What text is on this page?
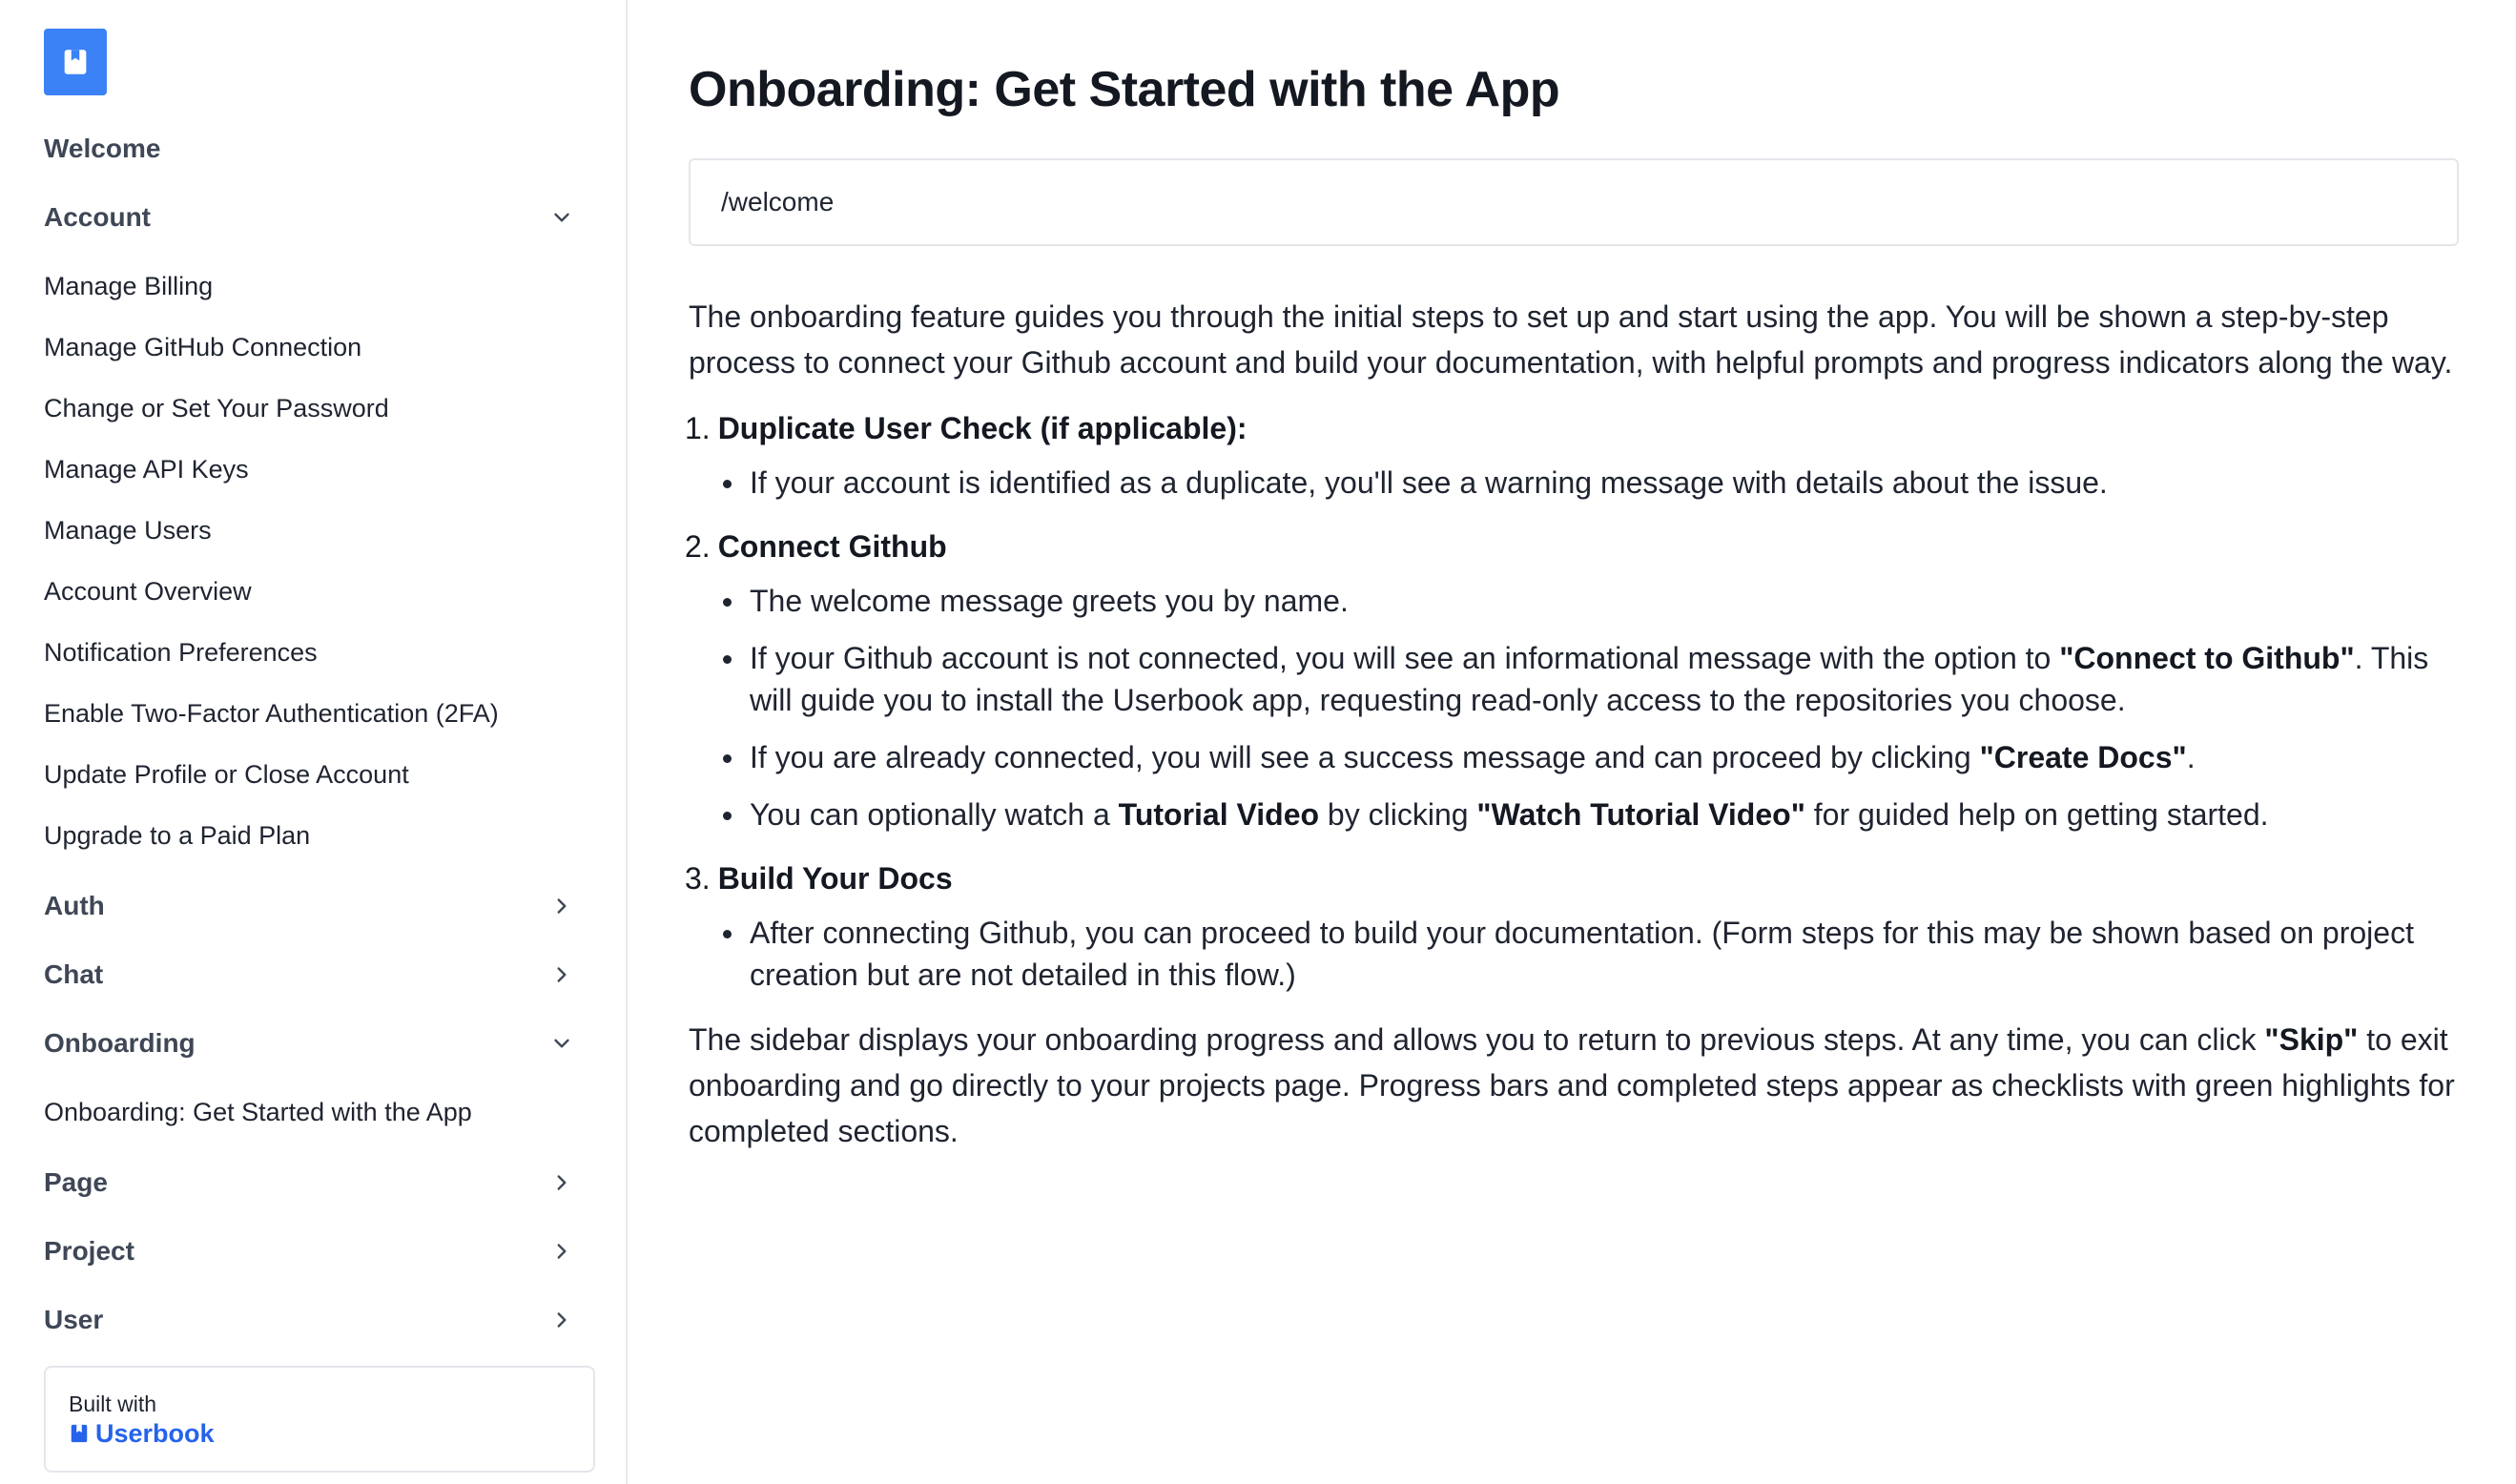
Welcome
Account
Manage Billing
Manage GitHub Connection
Change or Set Your Password
Manage API Keys
Manage Users
Account Overview
Notification Preferences
Enable Two-Factor Authentication (2FA)
Update Profile or Close Account
Upgrade to a Paid Plan
Auth
Chat
Onboarding
Onboarding: Get Started with the App
Page
Project
User
Built with
Userbook
Onboarding: Get Started with the App
/welcome

The onboarding feature guides you through the initial steps to set up and start using the app. You will be shown a step-by-step process to connect your Github account and build your documentation, with helpful prompts and progress indicators along the way.

1. Duplicate User Check (if applicable):
If your account is identified as a duplicate, you'll see a warning message with details about the issue.
2. Connect Github
The welcome message greets you by name.
If your Github account is not connected, you will see an informational message with the option to "Connect to Github". This will guide you to install the Userbook app, requesting read-only access to the repositories you choose.
If you are already connected, you will see a success message and can proceed by clicking "Create Docs".
You can optionally watch a Tutorial Video by clicking "Watch Tutorial Video" for guided help on getting started.
3. Build Your Docs
After connecting Github, you can proceed to build your documentation. (Form steps for this may be shown based on project creation but are not detailed in this flow.)

The sidebar displays your onboarding progress and allows you to return to previous steps. At any time, you can click "Skip" to exit onboarding and go directly to your projects page. Progress bars and completed steps appear as checklists with green highlights for completed sections.
